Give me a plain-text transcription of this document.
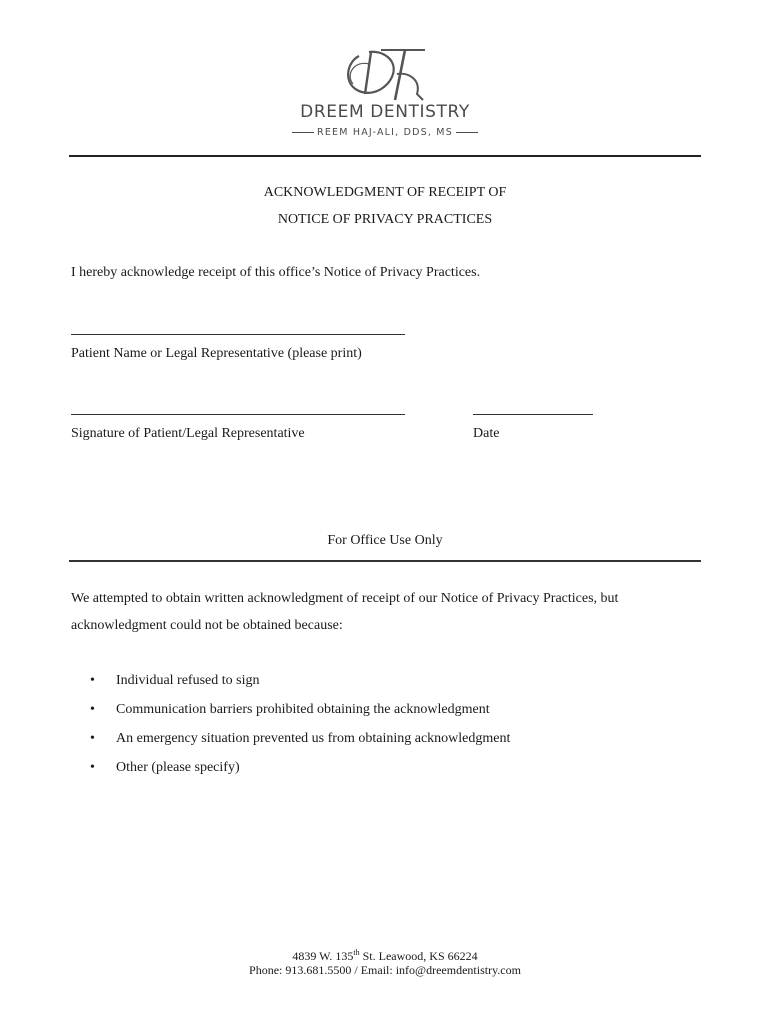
DREEM DENTISTRY
REEM HAJ-ALI, DDS, MS
ACKNOWLEDGMENT OF RECEIPT OF
NOTICE OF PRIVACY PRACTICES
I hereby acknowledge receipt of this office’s Notice of Privacy Practices.
Patient Name or Legal Representative (please print)
Signature of Patient/Legal Representative	Date
For Office Use Only
We attempted to obtain written acknowledgment of receipt of our Notice of Privacy Practices, but
acknowledgment could not be obtained because:
• Individual refused to sign
• Communication barriers prohibited obtaining the acknowledgment
• An emergency situation prevented us from obtaining acknowledgment
• Other (please specify)
4839 W. 135th St. Leawood, KS 66224
Phone: 913.681.5500 / Email: info@dreemdentistry.com
